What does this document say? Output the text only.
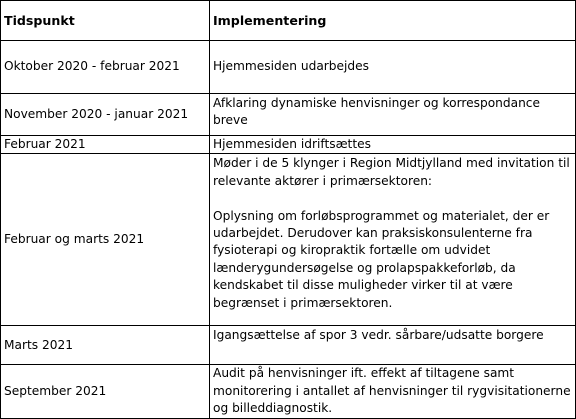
Tidspunkt	Implementering
Oktober 2020 - februar 2021	Hjemmesiden udarbejdes

November 2020 - januar 2021	Afklaring dynamiske henvisninger og korrespondance breve

Februar 2021	Hjemmesiden idriftsættes

Februar og marts 2021	Møder i de 5 klynger i Region Midtjylland med invitation til relevante aktører i primærsektoren:
Oplysning om forløbsprogrammet og materialet, der er udarbejdet. Derudover kan praksiskonsulenterne fra fysioterapi og kiropraktik fortælle om udvidet lænderygundersøgelse og prolapspakkeforløb, da kendskabet til disse muligheder virker til at være begrænset i primærsektoren.

Marts 2021	Igangsættelse af spor 3 vedr. sårbare/udsatte borgere

September 2021	Audit på henvisninger ift. effekt af tiltagene samt monitorering i antallet af henvisninger til rygvisitationerne og billeddiagnostik.
